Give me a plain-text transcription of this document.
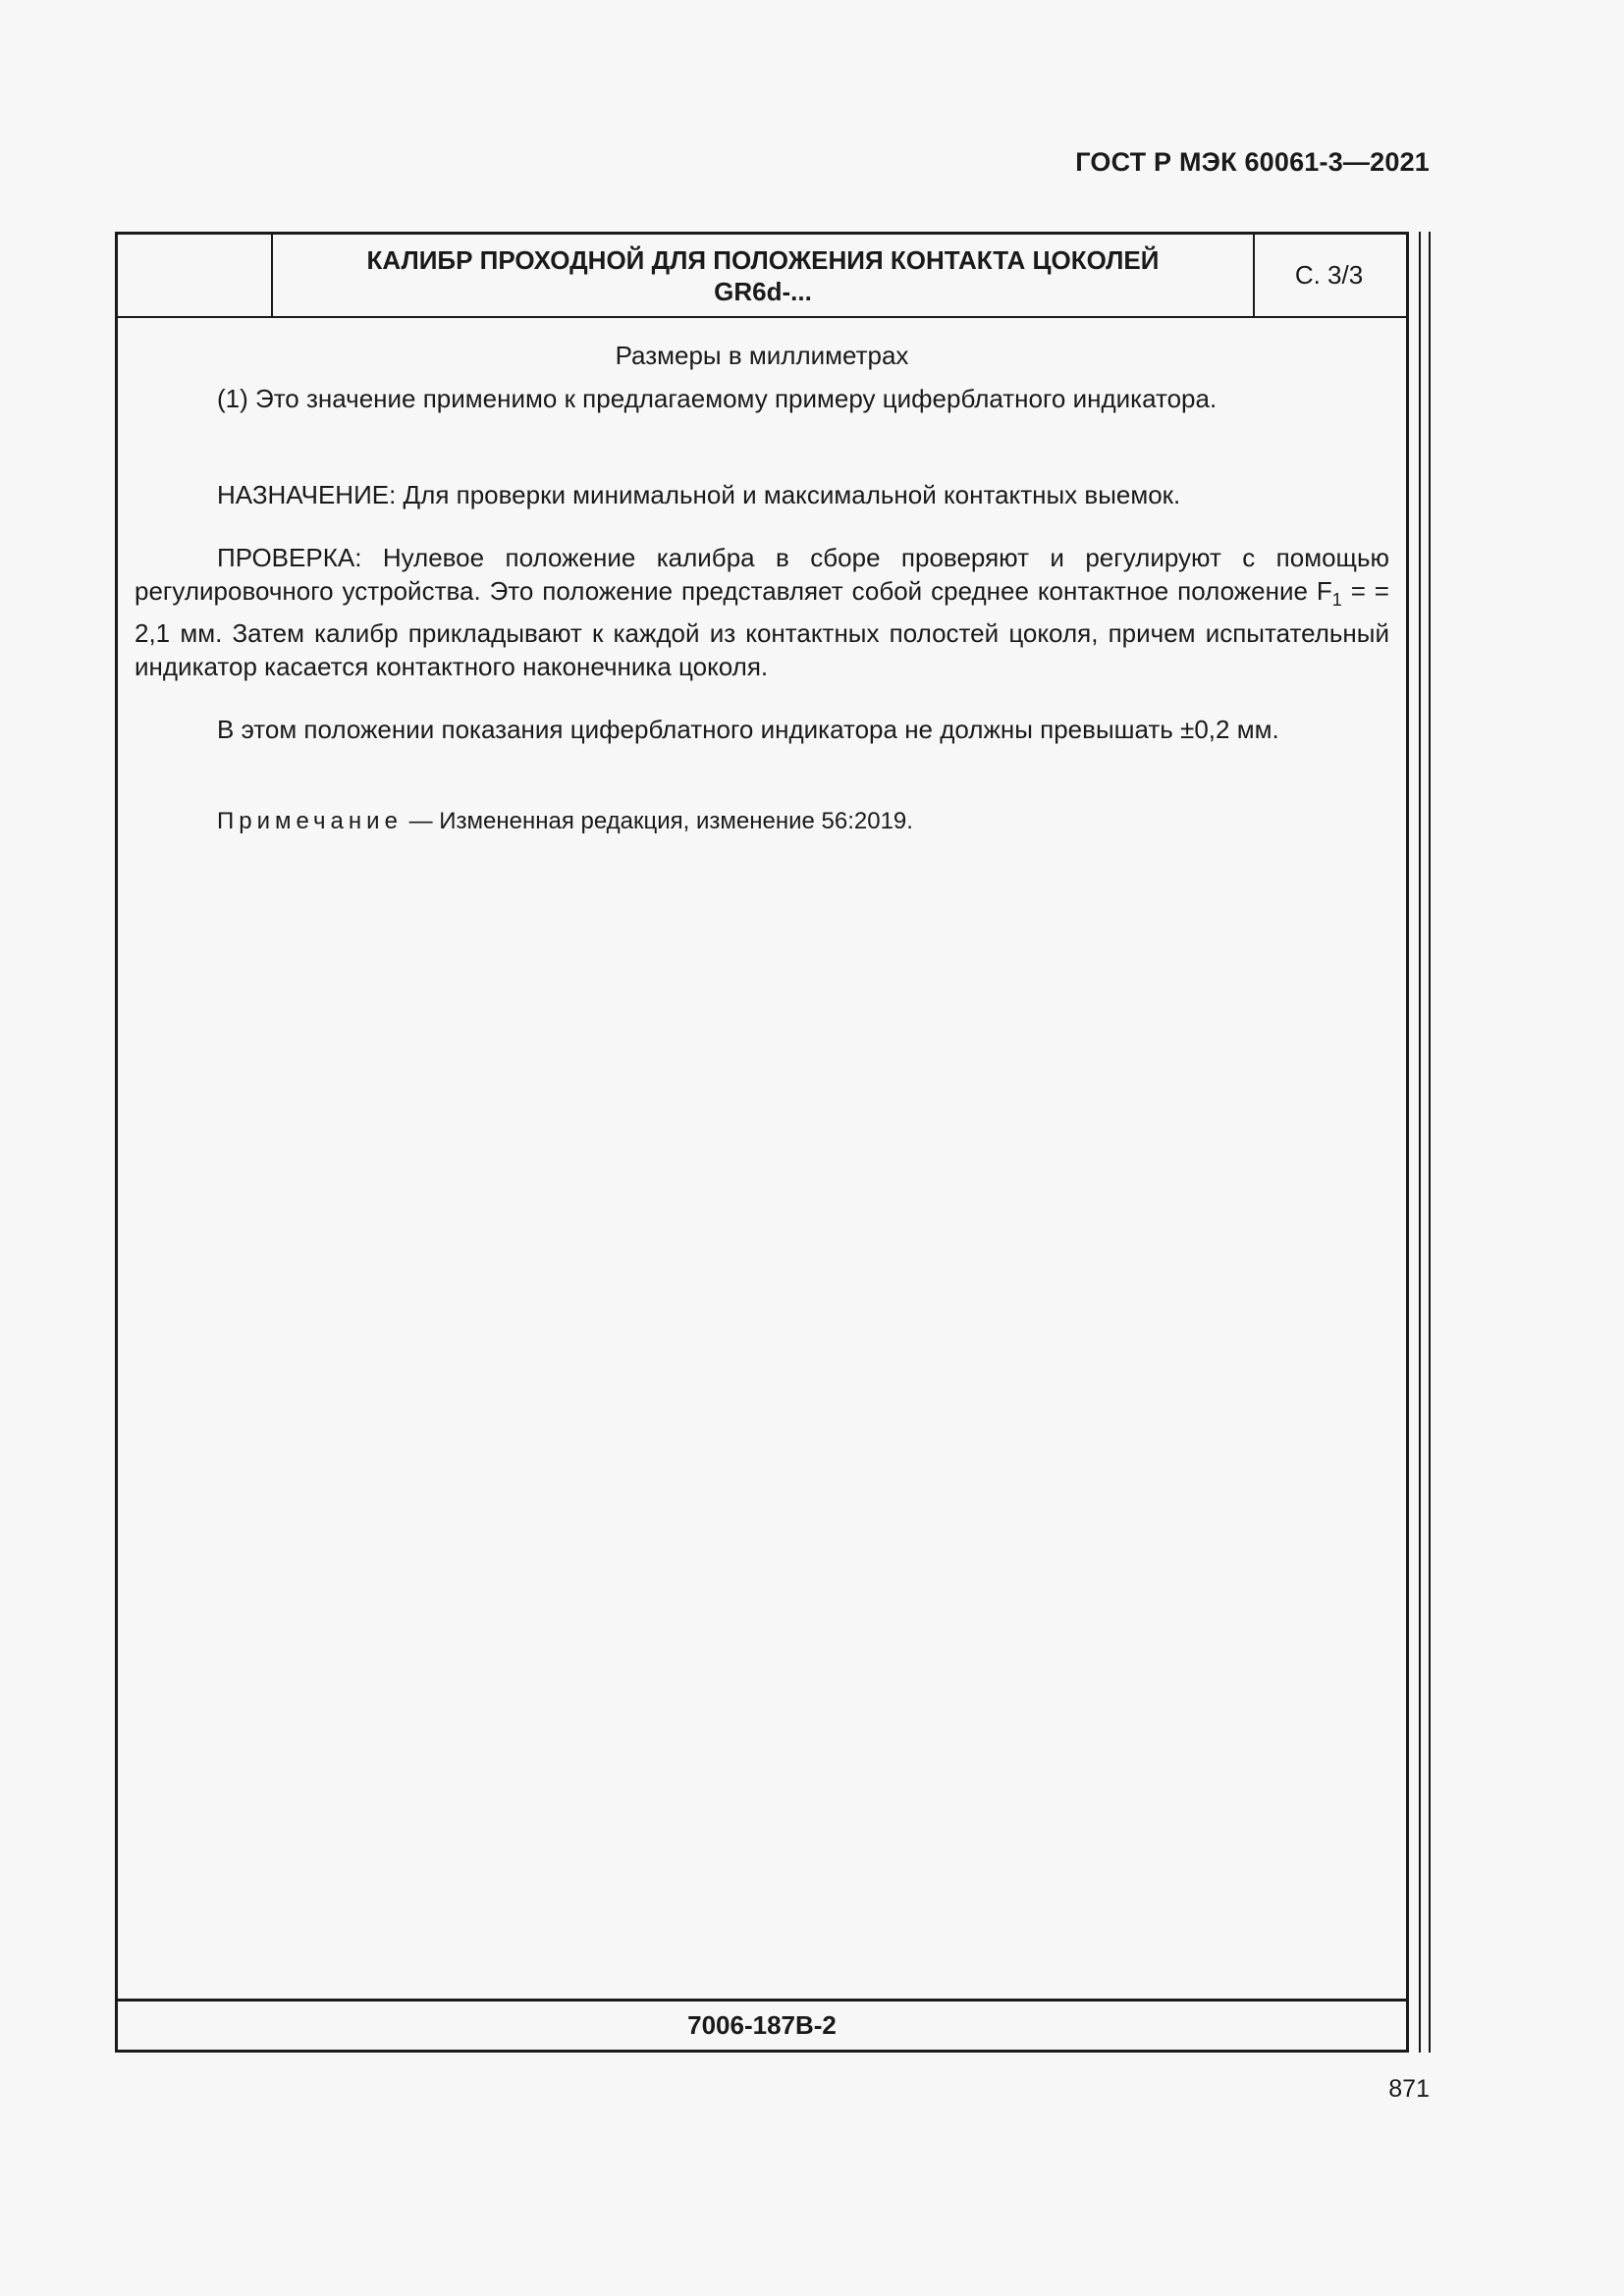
ГОСТ Р МЭК 60061-3—2021
КАЛИБР ПРОХОДНОЙ ДЛЯ ПОЛОЖЕНИЯ КОНТАКТА ЦОКОЛЕЙ
GR6d-...
С. 3/3
Размеры в миллиметрах

(1) Это значение применимо к предлагаемому примеру циферблатного индикатора.

НАЗНАЧЕНИЕ: Для проверки минимальной и максимальной контактных выемок.

ПРОВЕРКА: Нулевое положение калибра в сборе проверяют и регулируют с помощью регулировочного устройства. Это положение представляет собой среднее контактное положение $F_1$ = = 2,1 мм. Затем калибр прикладывают к каждой из контактных полостей цоколя, причем испытательный индикатор касается контактного наконечника цоколя.

В этом положении показания циферблатного индикатора не должны превышать ±0,2 мм.

Примечание — Измененная редакция, изменение 56:2019.

7006-187B-2
871
